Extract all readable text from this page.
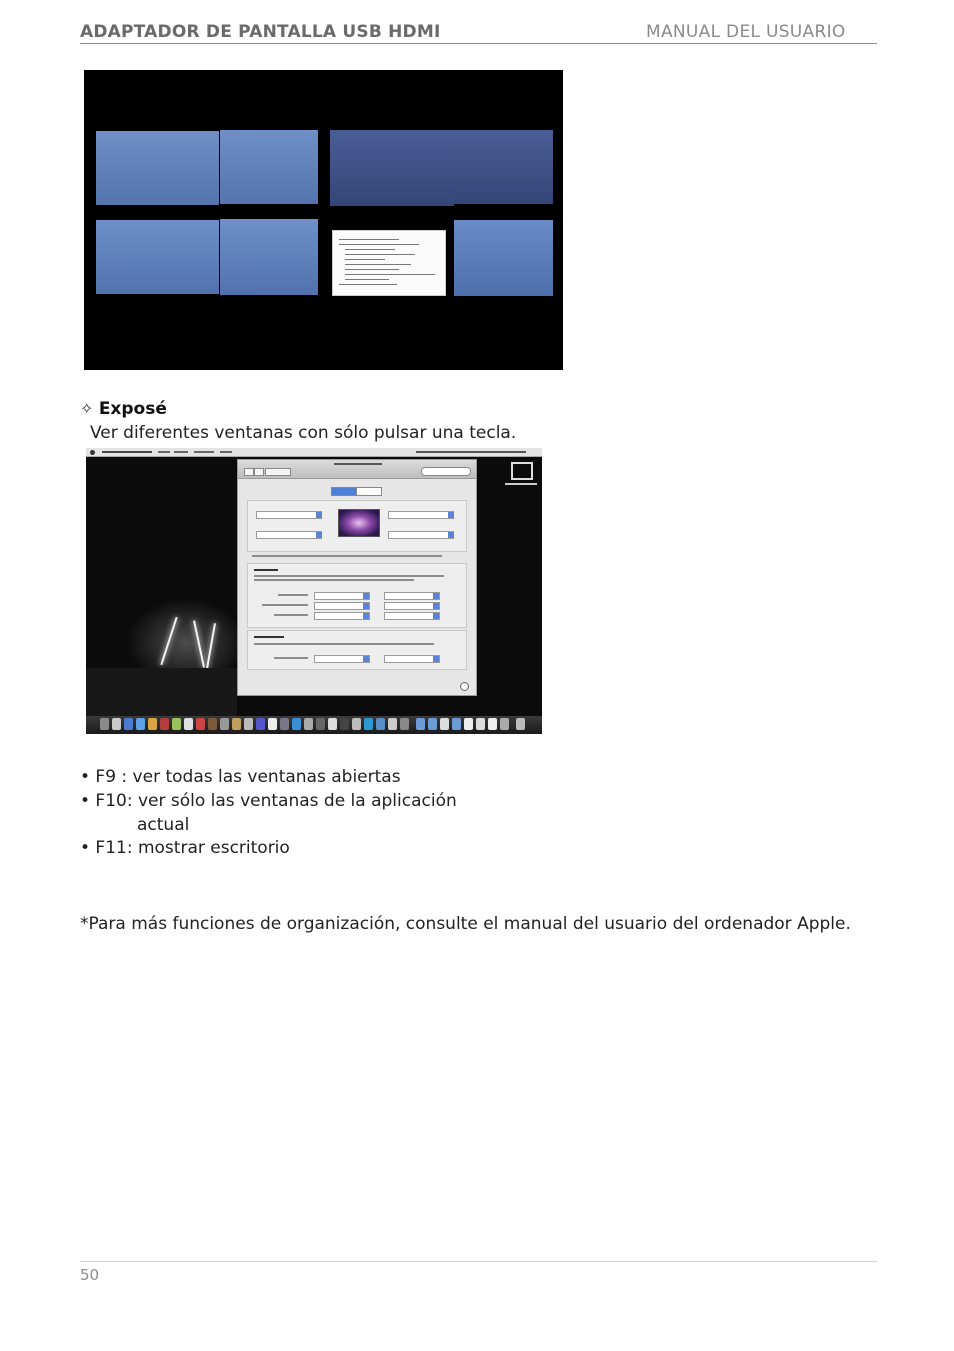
ADAPTADOR DE PANTALLA USB HDMI	MANUAL DEL USUARIO
✧ Exposé
Ver diferentes ventanas con sólo pulsar una tecla.
• F9 : ver todas las ventanas abiertas
• F10: ver sólo las ventanas de la aplicación
actual
• F11: mostrar escritorio
*Para más funciones de organización, consulte el manual del usuario del ordenador Apple.
50
